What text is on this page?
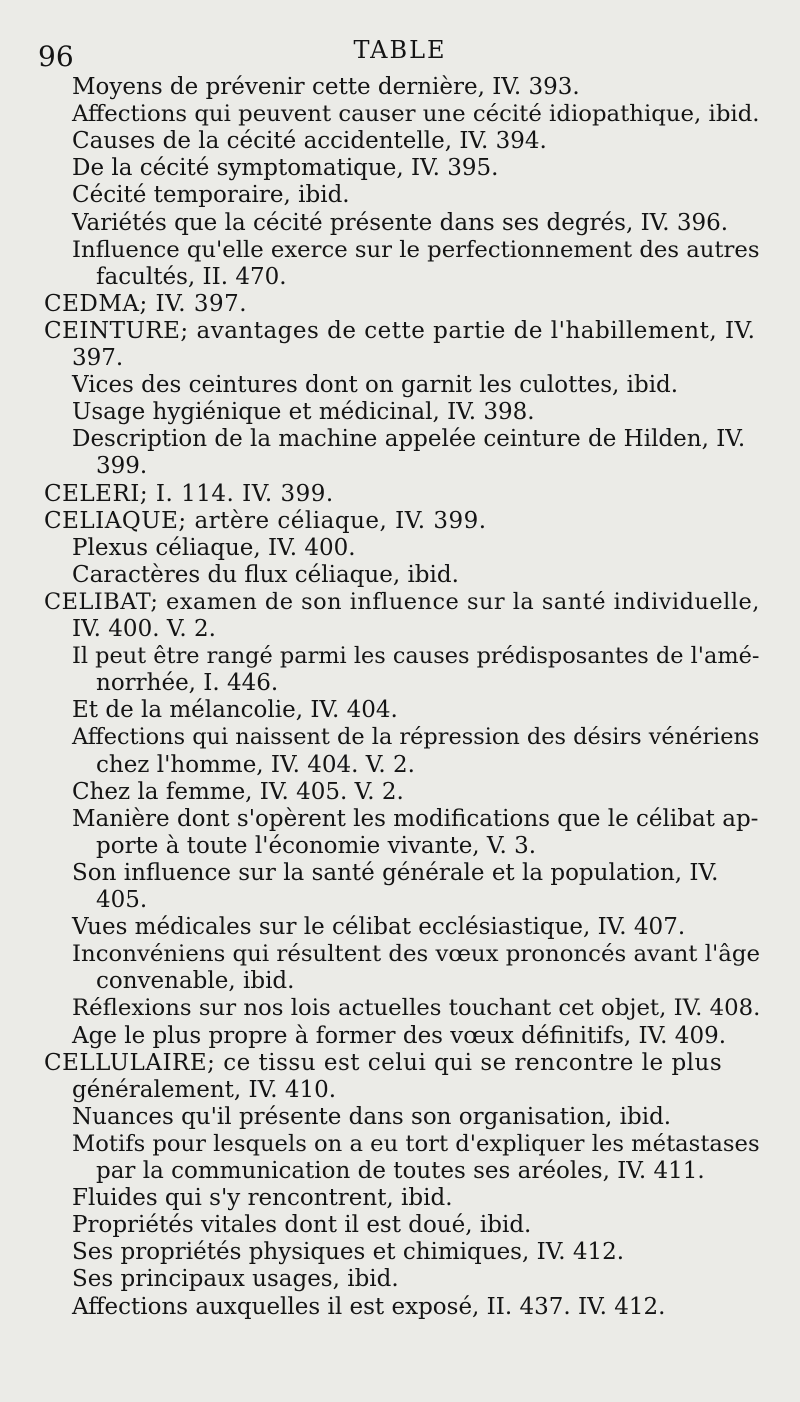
96	TABLE
Moyens de prévenir cette dernière, IV. 393.
Affections qui peuvent causer une cécité idiopathique, ibid.
Causes de la cécité accidentelle, IV. 394.
De la cécité symptomatique, IV. 395.
Cécité temporaire, ibid.
Variétés que la cécité présente dans ses degrés, IV. 396.
Influence qu'elle exerce sur le perfectionnement des autres
facultés, II. 470.
CEDMA; IV. 397.
CEINTURE; avantages de cette partie de l'habillement, IV.
397.
Vices des ceintures dont on garnit les culottes, ibid.
Usage hygiénique et médicinal, IV. 398.
Description de la machine appelée ceinture de Hilden, IV.
399.
CELERI; I. 114. IV. 399.
CELIAQUE; artère céliaque, IV. 399.
Plexus céliaque, IV. 400.
Caractères du flux céliaque, ibid.
CELIBAT; examen de son influence sur la santé individuelle,
IV. 400. V. 2.
Il peut être rangé parmi les causes prédisposantes de l'amé-
norrhée, I. 446.
Et de la mélancolie, IV. 404.
Affections qui naissent de la répression des désirs vénériens
chez l'homme, IV. 404. V. 2.
Chez la femme, IV. 405. V. 2.
Manière dont s'opèrent les modifications que le célibat ap-
porte à toute l'économie vivante, V. 3.
Son influence sur la santé générale et la population, IV.
405.
Vues médicales sur le célibat ecclésiastique, IV. 407.
Inconvéniens qui résultent des vœux prononcés avant l'âge
convenable, ibid.
Réflexions sur nos lois actuelles touchant cet objet, IV. 408.
Age le plus propre à former des vœux définitifs, IV. 409.
CELLULAIRE; ce tissu est celui qui se rencontre le plus
généralement, IV. 410.
Nuances qu'il présente dans son organisation, ibid.
Motifs pour lesquels on a eu tort d'expliquer les métastases
par la communication de toutes ses aréoles, IV. 411.
Fluides qui s'y rencontrent, ibid.
Propriétés vitales dont il est doué, ibid.
Ses propriétés physiques et chimiques, IV. 412.
Ses principaux usages, ibid.
Affections auxquelles il est exposé, II. 437. IV. 412.
